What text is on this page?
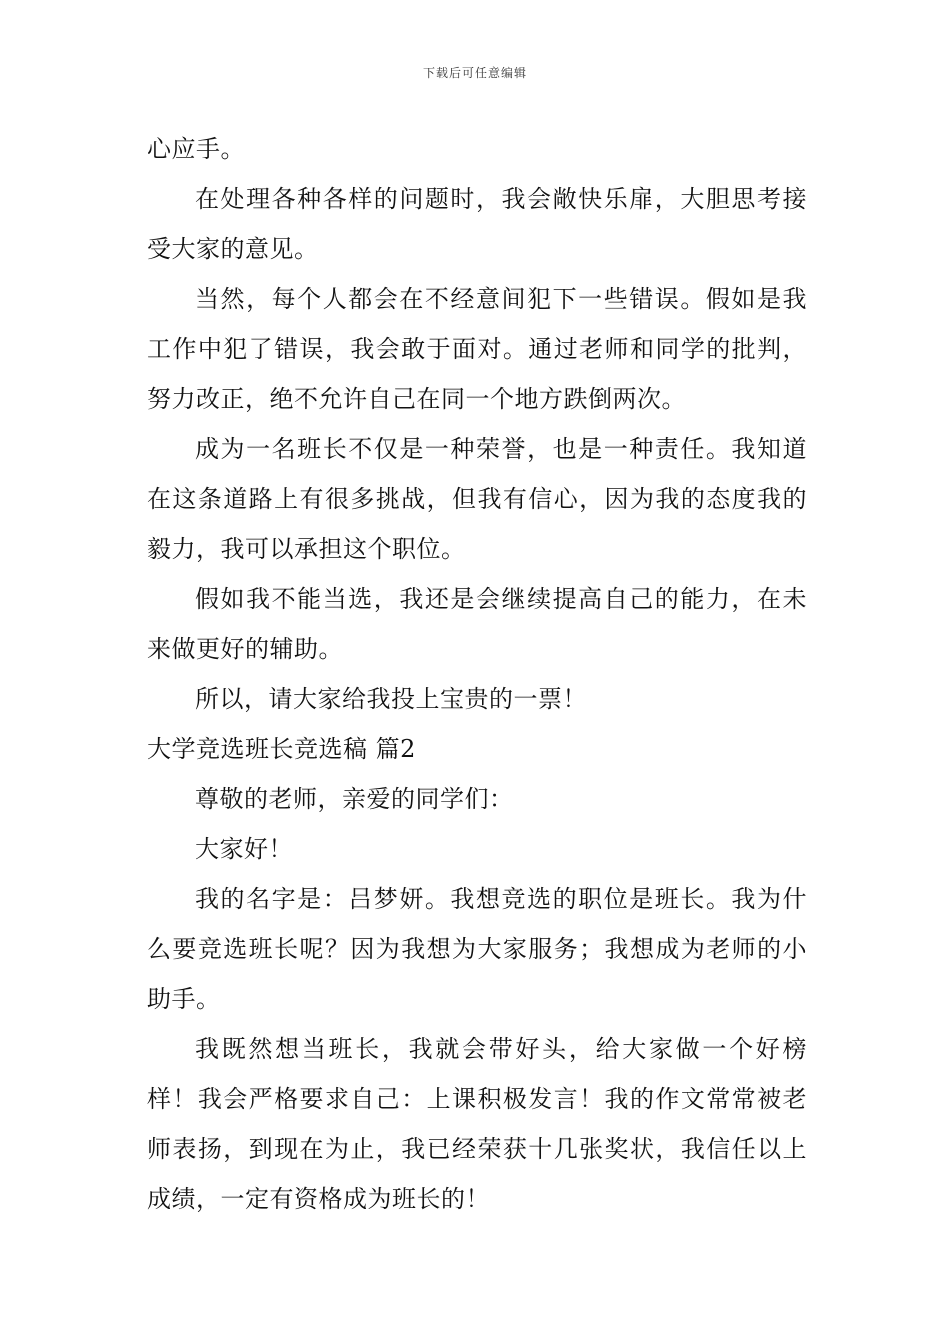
下载后可任意编辑

心应手。

在处理各种各样的问题时，我会敞快乐扉，大胆思考接受大家的意见。

当然，每个人都会在不经意间犯下一些错误。假如是我工作中犯了错误，我会敢于面对。通过老师和同学的批判，努力改正，绝不允许自己在同一个地方跌倒两次。

成为一名班长不仅是一种荣誉，也是一种责任。我知道在这条道路上有很多挑战，但我有信心，因为我的态度我的毅力，我可以承担这个职位。

假如我不能当选，我还是会继续提高自己的能力，在未来做更好的辅助。

所以，请大家给我投上宝贵的一票！

大学竞选班长竞选稿 篇2

尊敬的老师，亲爱的同学们：

大家好！

我的名字是：吕梦妍。我想竞选的职位是班长。我为什么要竞选班长呢？因为我想为大家服务；我想成为老师的小助手。

我既然想当班长，我就会带好头，给大家做一个好榜样！我会严格要求自己：上课积极发言！我的作文常常被老师表扬，到现在为止，我已经荣获十几张奖状，我信任以上成绩，一定有资格成为班长的！
